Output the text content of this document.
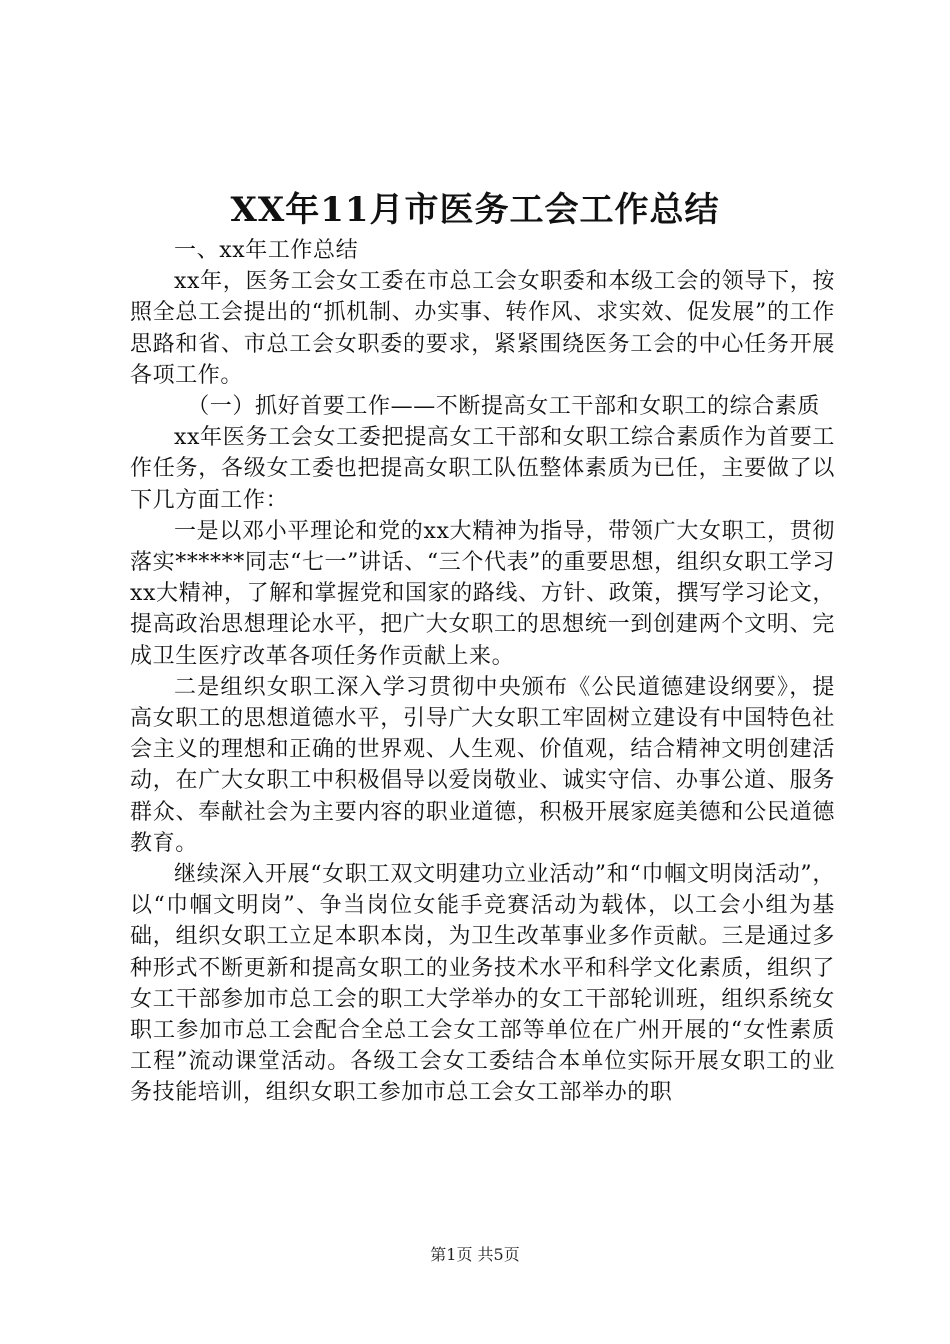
XX年11月市医务工会工作总结

一、xx年工作总结

xx年，医务工会女工委在市总工会女职委和本级工会的领导下，按照全总工会提出的“抓机制、办实事、转作风、求实效、促发展”的工作思路和省、市总工会女职委的要求，紧紧围绕医务工会的中心任务开展各项工作。

（一）抓好首要工作——不断提高女工干部和女职工的综合素质

xx年医务工会女工委把提高女工干部和女职工综合素质作为首要工作任务，各级女工委也把提高女职工队伍整体素质为已任，主要做了以下几方面工作：

一是以邓小平理论和党的xx大精神为指导，带领广大女职工，贯彻落实******同志“七一”讲话、“三个代表”的重要思想，组织女职工学习xx大精神，了解和掌握党和国家的路线、方针、政策，撰写学习论文，提高政治思想理论水平，把广大女职工的思想统一到创建两个文明、完成卫生医疗改革各项任务作贡献上来。

二是组织女职工深入学习贯彻中央颁布《公民道德建设纲要》，提高女职工的思想道德水平，引导广大女职工牢固树立建设有中国特色社会主义的理想和正确的世界观、人生观、价值观，结合精神文明创建活动，在广大女职工中积极倡导以爱岗敬业、诚实守信、办事公道、服务群众、奉献社会为主要内容的职业道德，积极开展家庭美德和公民道德教育。

继续深入开展“女职工双文明建功立业活动”和“巾帼文明岗活动”，以“巾帼文明岗”、争当岗位女能手竞赛活动为载体，以工会小组为基础，组织女职工立足本职本岗，为卫生改革事业多作贡献。三是通过多种形式不断更新和提高女职工的业务技术水平和科学文化素质，组织了女工干部参加市总工会的职工大学举办的女工干部轮训班，组织系统女职工参加市总工会配合全总工会女工部等单位在广州开展的“女性素质工程”流动课堂活动。各级工会女工委结合本单位实际开展女职工的业务技能培训，组织女职工参加市总工会女工部举办的职

第1页 共5页
